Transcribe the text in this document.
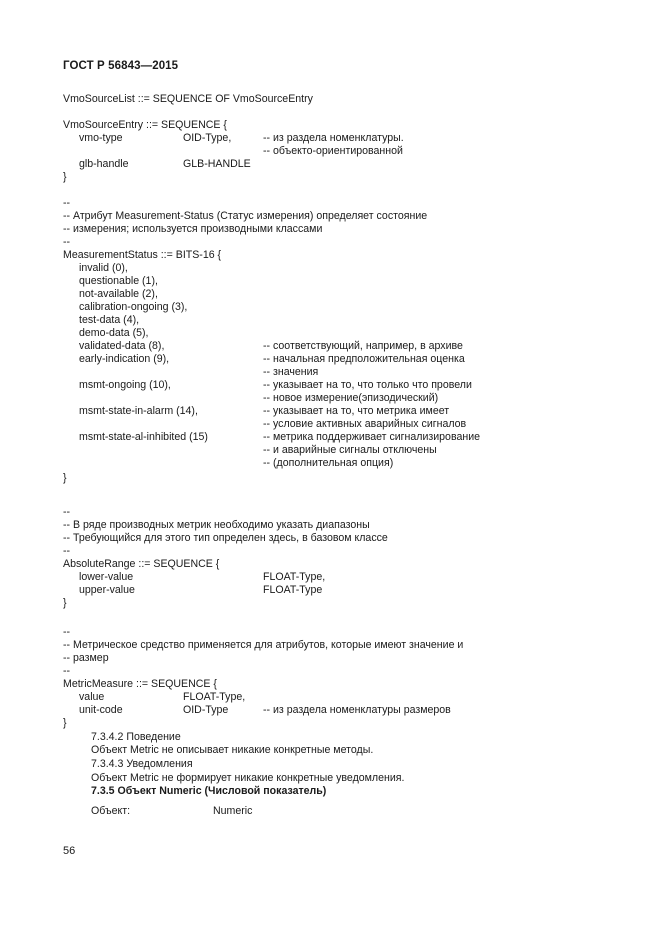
ГОСТ Р 56843—2015
VmoSourceList ::= SEQUENCE OF VmoSourceEntry
VmoSourceEntry ::= SEQUENCE {
vmo-type	OID-Type,	-- из раздела номенклатуры.
-- объекто-ориентированной
glb-handle	GLB-HANDLE
}
--
-- Атрибут Measurement-Status (Статус измерения) определяет состояние
-- измерения; используется производными классами
--
MeasurementStatus ::= BITS-16 {
invalid (0),
questionable (1),
not-available (2),
calibration-ongoing (3),
test-data (4),
demo-data (5),
validated-data (8),	-- соответствующий, например, в архиве
early-indication (9),	-- начальная предположительная оценка
-- значения
msmt-ongoing (10),	-- указывает на то, что только что провели
-- новое измерение(эпизодический)
msmt-state-in-alarm (14),	-- указывает на то, что метрика имеет
-- условие активных аварийных сигналов
msmt-state-al-inhibited (15)	-- метрика поддерживает сигнализирование
-- и аварийные сигналы отключены
-- (дополнительная опция)
}
--
-- В ряде производных метрик необходимо указать диапазоны
-- Требующийся для этого тип определен здесь, в базовом классе
--
AbsoluteRange ::= SEQUENCE {
lower-value	FLOAT-Type,
upper-value	FLOAT-Type
}
--
-- Метрическое средство применяется для атрибутов, которые имеют значение и
-- размер
--
MetricMeasure ::= SEQUENCE {
value	FLOAT-Type,
unit-code	OID-Type	-- из раздела номенклатуры размеров
}
7.3.4.2 Поведение
Объект Metric не описывает никакие конкретные методы.
7.3.4.3 Уведомления
Объект Metric не формирует никакие конкретные уведомления.
7.3.5 Объект Numeric (Числовой показатель)
Объект:	Numeric
56
